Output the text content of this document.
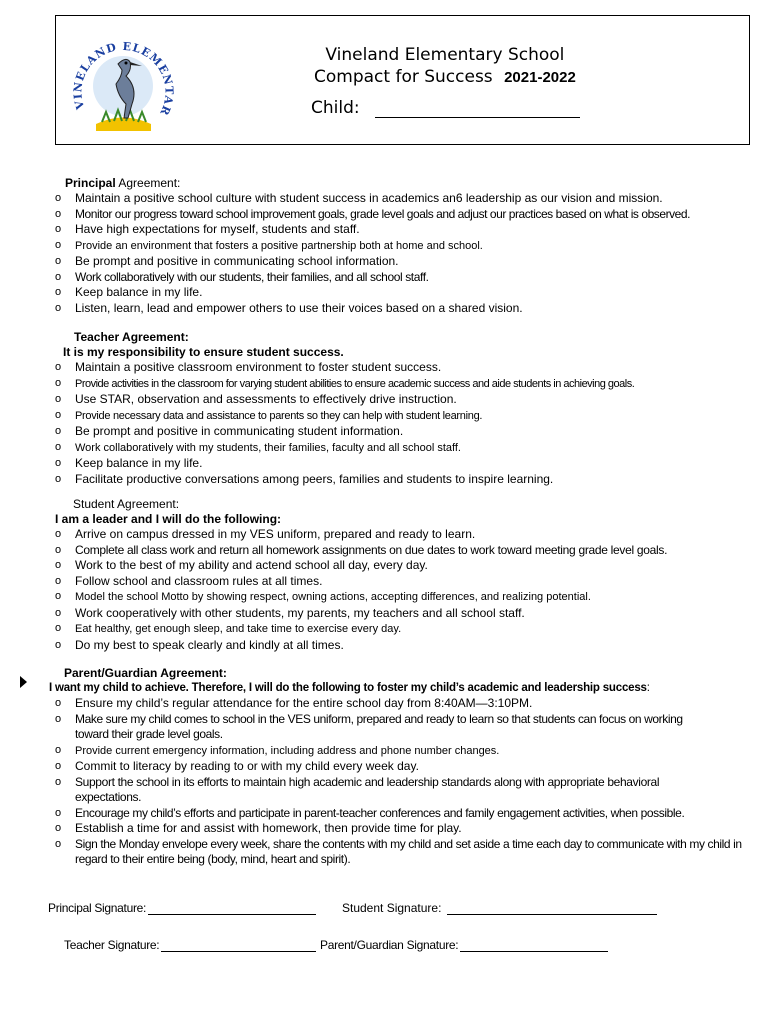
VINELAND ELEMENTAR
Vineland Elementary School
Compact for Success 2021-2022
Child:
Principal Agreement:
o Maintain a positive school culture with student success in academics an6 leadership as our vision and mission.
o Monitor our progress toward school improvement goals, grade level goals and adjust our practices based on what is observed.
o Have high expectations for myself, students and staff.
o Provide an environment that fosters a positive partnership both at home and school.
o Be prompt and positive in communicating school information.
o Work collaboratively with our students, their families, and all school staff.
o Keep balance in my life.
o Listen, learn, lead and empower others to use their voices based on a shared vision.
Teacher Agreement:
It is my responsibility to ensure student success.
o Maintain a positive classroom environment to foster student success.
o Provide activities in the classroom for varying student abilities to ensure academic success and aide students in achieving goals.
o Use STAR, observation and assessments to effectively drive instruction.
o Provide necessary data and assistance to parents so they can help with student learning.
o Be prompt and positive in communicating student information.
o Work collaboratively with my students, their families, faculty and all school staff.
o Keep balance in my life.
o Facilitate productive conversations among peers, families and students to inspire learning.
Student Agreement:
I am a leader and I will do the following:
o Arrive on campus dressed in my VES uniform, prepared and ready to learn.
o Complete all class work and return all homework assignments on due dates to work toward meeting grade level goals.
o Work to the best of my ability and actend school all day, every day.
o Follow school and classroom rules at all times.
o Model the school Motto by showing respect, owning actions, accepting differences, and realizing potential.
o Work cooperatively with other students, my parents, my teachers and all school staff.
o Eat healthy, get enough sleep, and take time to exercise every day.
o Do my best to speak clearly and kindly at all times.
Parent/Guardian Agreement:
I want my child to achieve. Therefore, I will do the following to foster my child’s academic and leadership success:
o Ensure my child’s regular attendance for the entire school day from 8:40AM—3:10PM.
o Make sure my child comes to school in the VES uniform, prepared and ready to learn so that students can focus on working toward their grade level goals.
o Provide current emergency information, including address and phone number changes.
o Commit to literacy by reading to or with my child every week day.
o Support the school in its efforts to maintain high academic and leadership standards along with appropriate behavioral expectations.
o Encourage my child’s efforts and participate in parent-teacher conferences and family engagement activities, when possible.
o Establish a time for and assist with homework, then provide time for play.
o Sign the Monday envelope every week, share the contents with my child and set aside a time each day to communicate with my child in regard to their entire being (body, mind, heart and spirit).
Principal Signature:	Student Signature:
Teacher Signature:	Parent/Guardian Signature:
